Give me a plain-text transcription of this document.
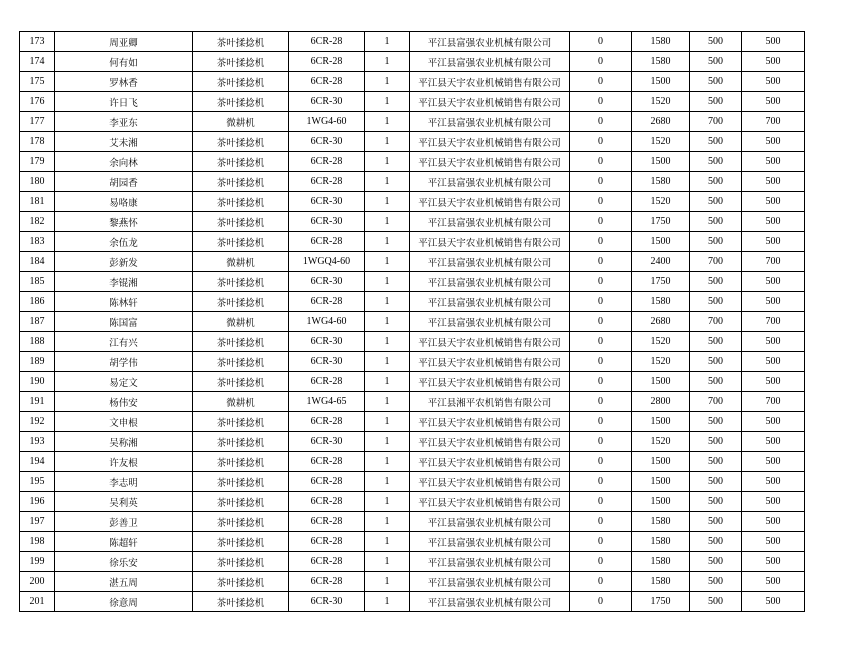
173	周亚卿	茶叶揉捻机	6CR-28	1	平江县富强农业机械有限公司	0	1580	500	500
174	何有如	茶叶揉捻机	6CR-28	1	平江县富强农业机械有限公司	0	1580	500	500
175	罗林香	茶叶揉捻机	6CR-28	1	平江县天宇农业机械销售有限公司	0	1500	500	500
176	许日飞	茶叶揉捻机	6CR-30	1	平江县天宇农业机械销售有限公司	0	1520	500	500
177	李亚东	微耕机	1WG4-60	1	平江县富强农业机械有限公司	0	2680	700	700
178	艾未湘	茶叶揉捻机	6CR-30	1	平江县天宇农业机械销售有限公司	0	1520	500	500
179	余向林	茶叶揉捻机	6CR-28	1	平江县天宇农业机械销售有限公司	0	1500	500	500
180	胡园香	茶叶揉捻机	6CR-28	1	平江县富强农业机械有限公司	0	1580	500	500
181	易咯康	茶叶揉捻机	6CR-30	1	平江县天宇农业机械销售有限公司	0	1520	500	500
182	黎燕怀	茶叶揉捻机	6CR-30	1	平江县富强农业机械有限公司	0	1750	500	500
183	余伍龙	茶叶揉捻机	6CR-28	1	平江县天宇农业机械销售有限公司	0	1500	500	500
184	彭新发	微耕机	1WGQ4-60	1	平江县富强农业机械有限公司	0	2400	700	700
185	李锟湘	茶叶揉捻机	6CR-30	1	平江县富强农业机械有限公司	0	1750	500	500
186	陈林轩	茶叶揉捻机	6CR-28	1	平江县富强农业机械有限公司	0	1580	500	500
187	陈国富	微耕机	1WG4-60	1	平江县富强农业机械有限公司	0	2680	700	700
188	江有兴	茶叶揉捻机	6CR-30	1	平江县天宇农业机械销售有限公司	0	1520	500	500
189	胡学伟	茶叶揉捻机	6CR-30	1	平江县天宇农业机械销售有限公司	0	1520	500	500
190	易定文	茶叶揉捻机	6CR-28	1	平江县天宇农业机械销售有限公司	0	1500	500	500
191	杨伟安	微耕机	1WG4-65	1	平江县湘平农机销售有限公司	0	2800	700	700
192	文申根	茶叶揉捻机	6CR-28	1	平江县天宇农业机械销售有限公司	0	1500	500	500
193	吴称湘	茶叶揉捻机	6CR-30	1	平江县天宇农业机械销售有限公司	0	1520	500	500
194	许友根	茶叶揉捻机	6CR-28	1	平江县天宇农业机械销售有限公司	0	1500	500	500
195	李志明	茶叶揉捻机	6CR-28	1	平江县天宇农业机械销售有限公司	0	1500	500	500
196	吴利英	茶叶揉捻机	6CR-28	1	平江县天宇农业机械销售有限公司	0	1500	500	500
197	彭善卫	茶叶揉捻机	6CR-28	1	平江县富强农业机械有限公司	0	1580	500	500
198	陈超轩	茶叶揉捻机	6CR-28	1	平江县富强农业机械有限公司	0	1580	500	500
199	徐乐安	茶叶揉捻机	6CR-28	1	平江县富强农业机械有限公司	0	1580	500	500
200	湛五周	茶叶揉捻机	6CR-28	1	平江县富强农业机械有限公司	0	1580	500	500
201	徐意周	茶叶揉捻机	6CR-30	1	平江县富强农业机械有限公司	0	1750	500	500
